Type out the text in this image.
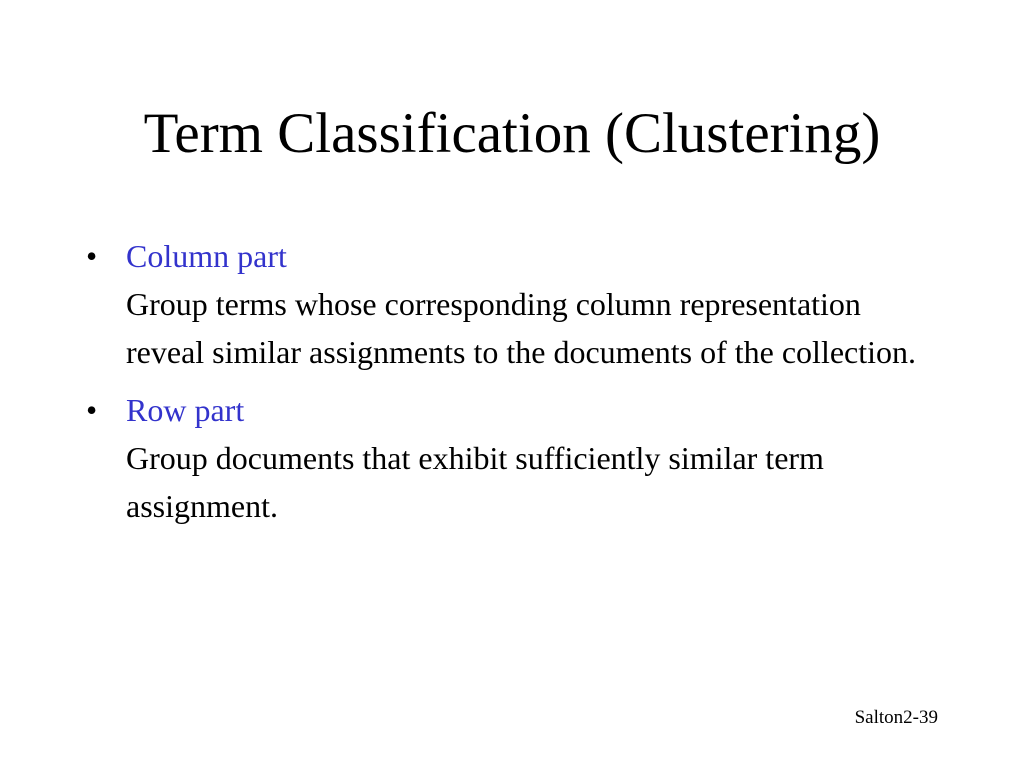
Term Classification (Clustering)
• Column part
Group terms whose corresponding column representation reveal similar assignments to the documents of the collection.
• Row part
Group documents that exhibit sufficiently similar term assignment.
Salton2-39
